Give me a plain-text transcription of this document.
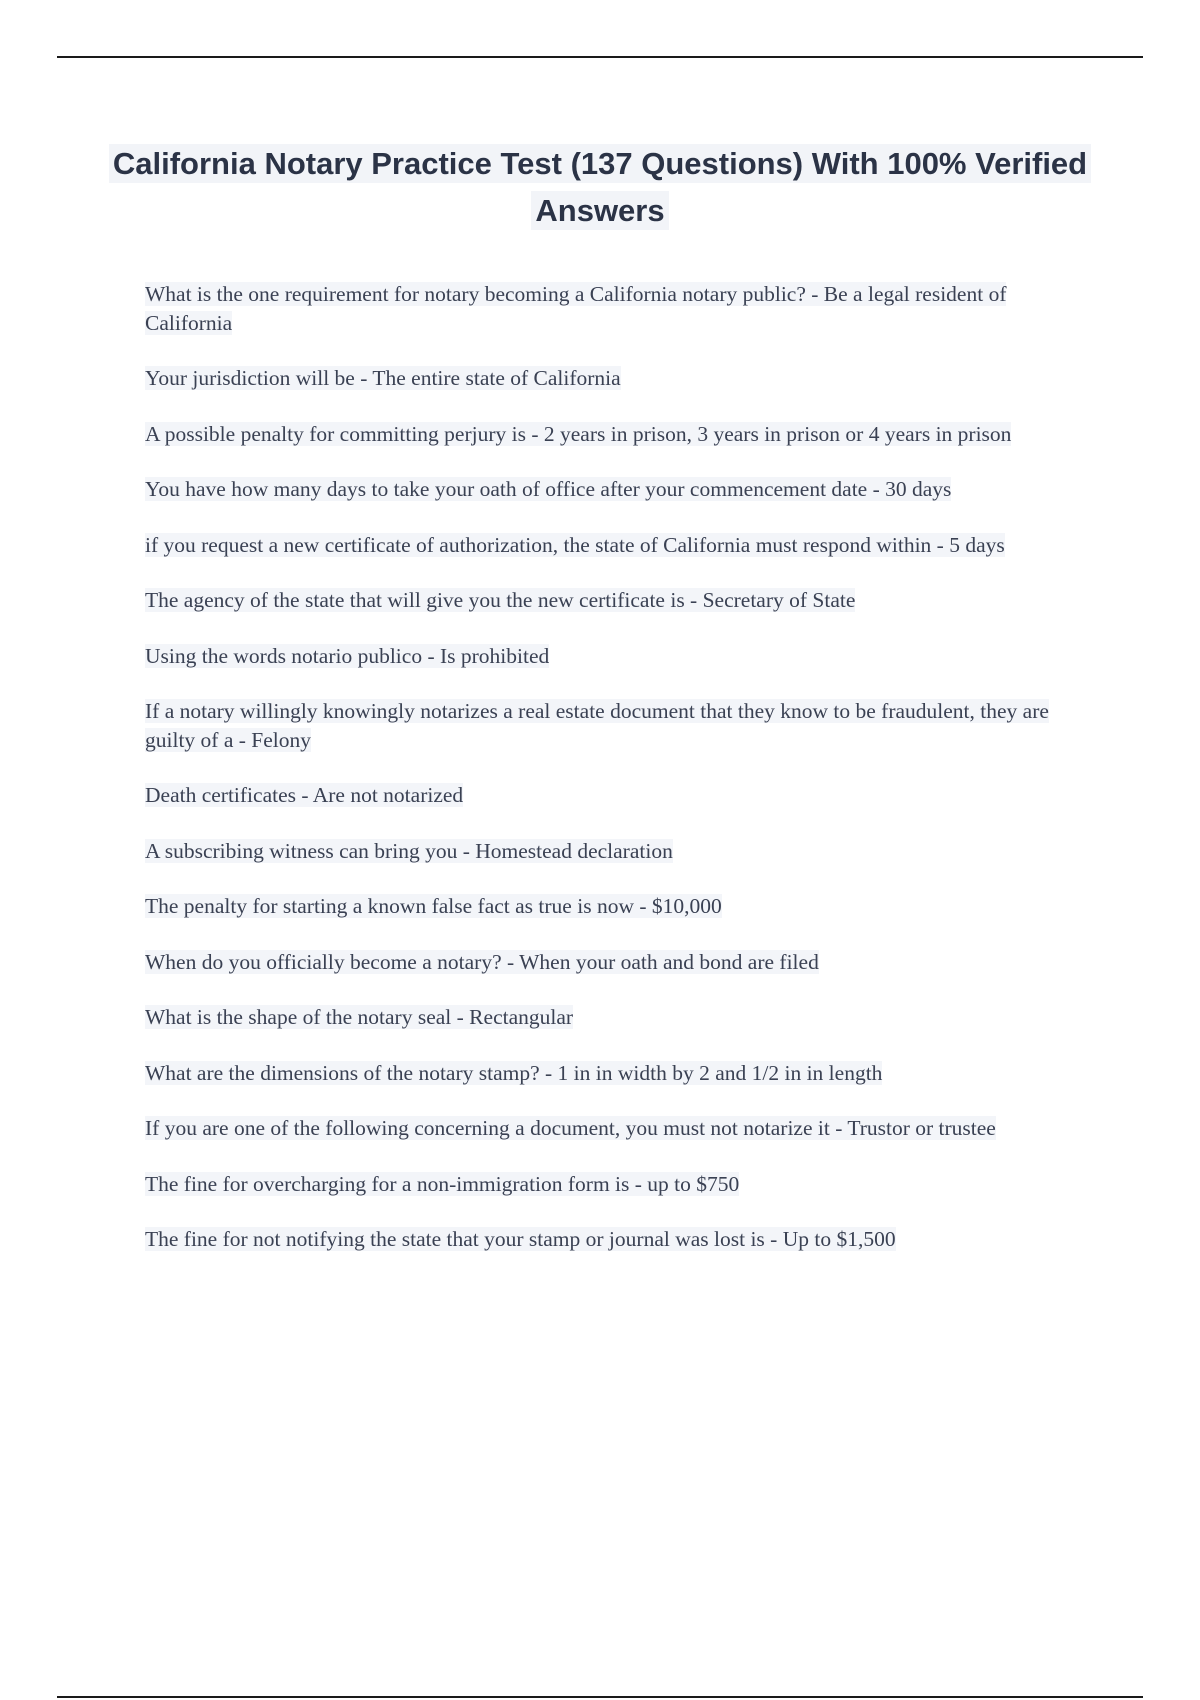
California Notary Practice Test (137 Questions) With 100% Verified Answers
What is the one requirement for notary becoming a California notary public? - Be a legal resident of California
Your jurisdiction will be - The entire state of California
A possible penalty for committing perjury is - 2 years in prison, 3 years in prison or 4 years in prison
You have how many days to take your oath of office after your commencement date - 30 days
if you request a new certificate of authorization, the state of California must respond within - 5 days
The agency of the state that will give you the new certificate is - Secretary of State
Using the words notario publico - Is prohibited
If a notary willingly knowingly notarizes a real estate document that they know to be fraudulent, they are guilty of a - Felony
Death certificates - Are not notarized
A subscribing witness can bring you - Homestead declaration
The penalty for starting a known false fact as true is now - $10,000
When do you officially become a notary? - When your oath and bond are filed
What is the shape of the notary seal - Rectangular
What are the dimensions of the notary stamp? - 1 in in width by 2 and 1/2 in in length
If you are one of the following concerning a document, you must not notarize it - Trustor or trustee
The fine for overcharging for a non-immigration form is - up to $750
The fine for not notifying the state that your stamp or journal was lost is - Up to $1,500
